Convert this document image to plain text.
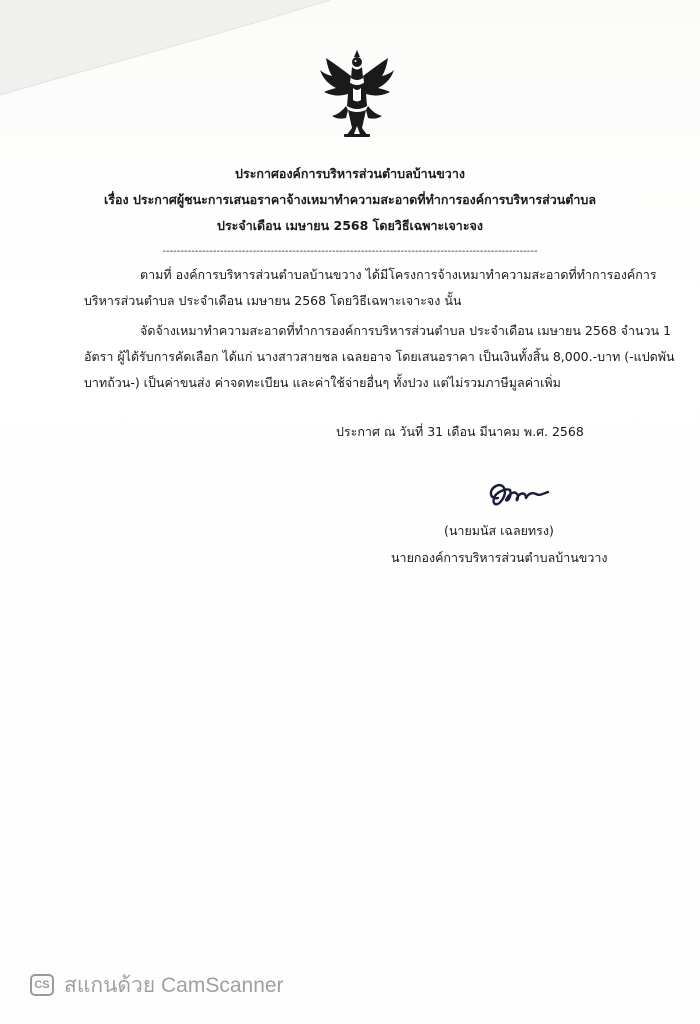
ประกาศองค์การบริหารส่วนตำบลบ้านขวาง
เรื่อง ประกาศผู้ชนะการเสนอราคาจ้างเหมาทำความสะอาดที่ทำการองค์การบริหารส่วนตำบล
ประจำเดือน เมษายน 2568 โดยวิธีเฉพาะเจาะจง
--------------------------------------------------------------------------------------------------------
ตามที่ องค์การบริหารส่วนตำบลบ้านขวาง ได้มีโครงการจ้างเหมาทำความสะอาดที่ทำการองค์การ
บริหารส่วนตำบล ประจำเดือน เมษายน 2568 โดยวิธีเฉพาะเจาะจง นั้น
จัดจ้างเหมาทำความสะอาดที่ทำการองค์การบริหารส่วนตำบล ประจำเดือน เมษายน 2568 จำนวน 1
อัตรา ผู้ได้รับการคัดเลือก ได้แก่ นางสาวสายชล เฉลยอาจ โดยเสนอราคา เป็นเงินทั้งสิ้น 8,000.-บาท (-แปดพัน
บาทถ้วน-) เป็นค่าขนส่ง ค่าจดทะเบียน และค่าใช้จ่ายอื่นๆ ทั้งปวง แต่ไม่รวมภาษีมูลค่าเพิ่ม
ประกาศ ณ วันที่ 31 เดือน มีนาคม พ.ศ. 2568
(นายมนัส เฉลยทรง)
นายกองค์การบริหารส่วนตำบลบ้านขวาง
CS สแกนด้วย CamScanner
